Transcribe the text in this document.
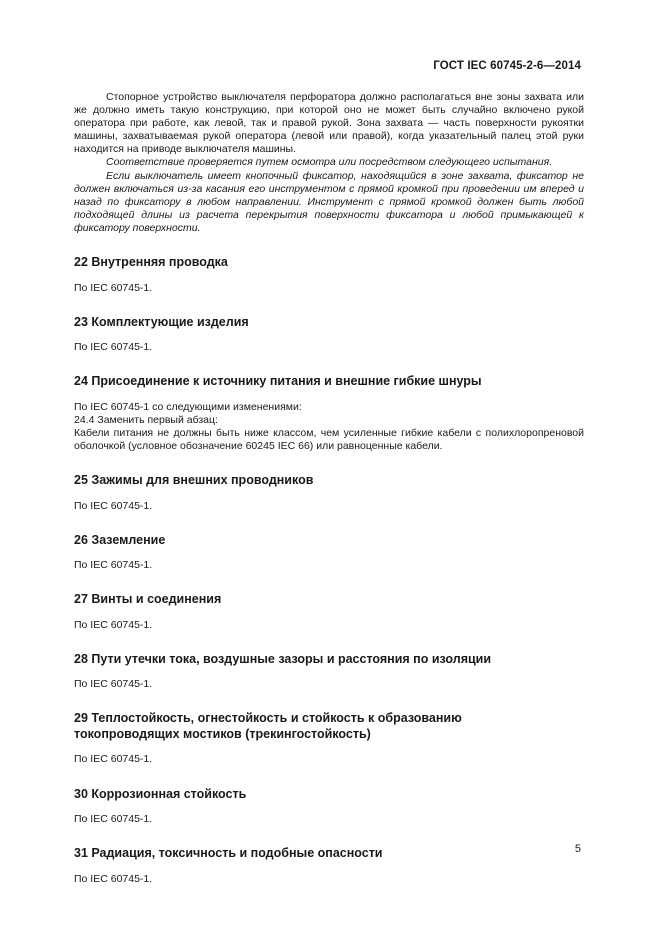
ГОСТ IEC 60745-2-6—2014

Стопорное устройство выключателя перфоратора должно располагаться вне зоны захвата или же должно иметь такую конструкцию, при которой оно не может быть случайно включено рукой оператора при работе, как левой, так и правой рукой. Зона захвата — часть поверхности рукоятки машины, захватываемая рукой оператора (левой или правой), когда указательный палец этой руки находится на приводе выключателя машины.

Соответствие проверяется путем осмотра или посредством следующего испытания.

Если выключатель имеет кнопочный фиксатор, находящийся в зоне захвата, фиксатор не должен включаться из-за касания его инструментом с прямой кромкой при проведении им вперед и назад по фиксатору в любом направлении. Инструмент с прямой кромкой должен быть любой подходящей длины из расчета перекрытия поверхности фиксатора и любой примыкающей к фиксатору поверхности.

22 Внутренняя проводка

По IEC 60745-1.

23 Комплектующие изделия

По IEC 60745-1.

24 Присоединение к источнику питания и внешние гибкие шнуры

По IEC 60745-1 со следующими изменениями:

24.4 Заменить первый абзац:

Кабели питания не должны быть ниже классом, чем усиленные гибкие кабели с полихлоропреновой оболочкой (условное обозначение 60245 IEC 66) или равноценные кабели.

25 Зажимы для внешних проводников

По IEC 60745-1.

26 Заземление

По IEC 60745-1.

27 Винты и соединения

По IEC 60745-1.

28 Пути утечки тока, воздушные зазоры и расстояния по изоляции

По IEC 60745-1.

29 Теплостойкость, огнестойкость и стойкость к образованию токопроводящих мостиков (трекингостойкость)

По IEC 60745-1.

30 Коррозионная стойкость

По IEC 60745-1.

31 Радиация, токсичность и подобные опасности

По IEC 60745-1.

5
